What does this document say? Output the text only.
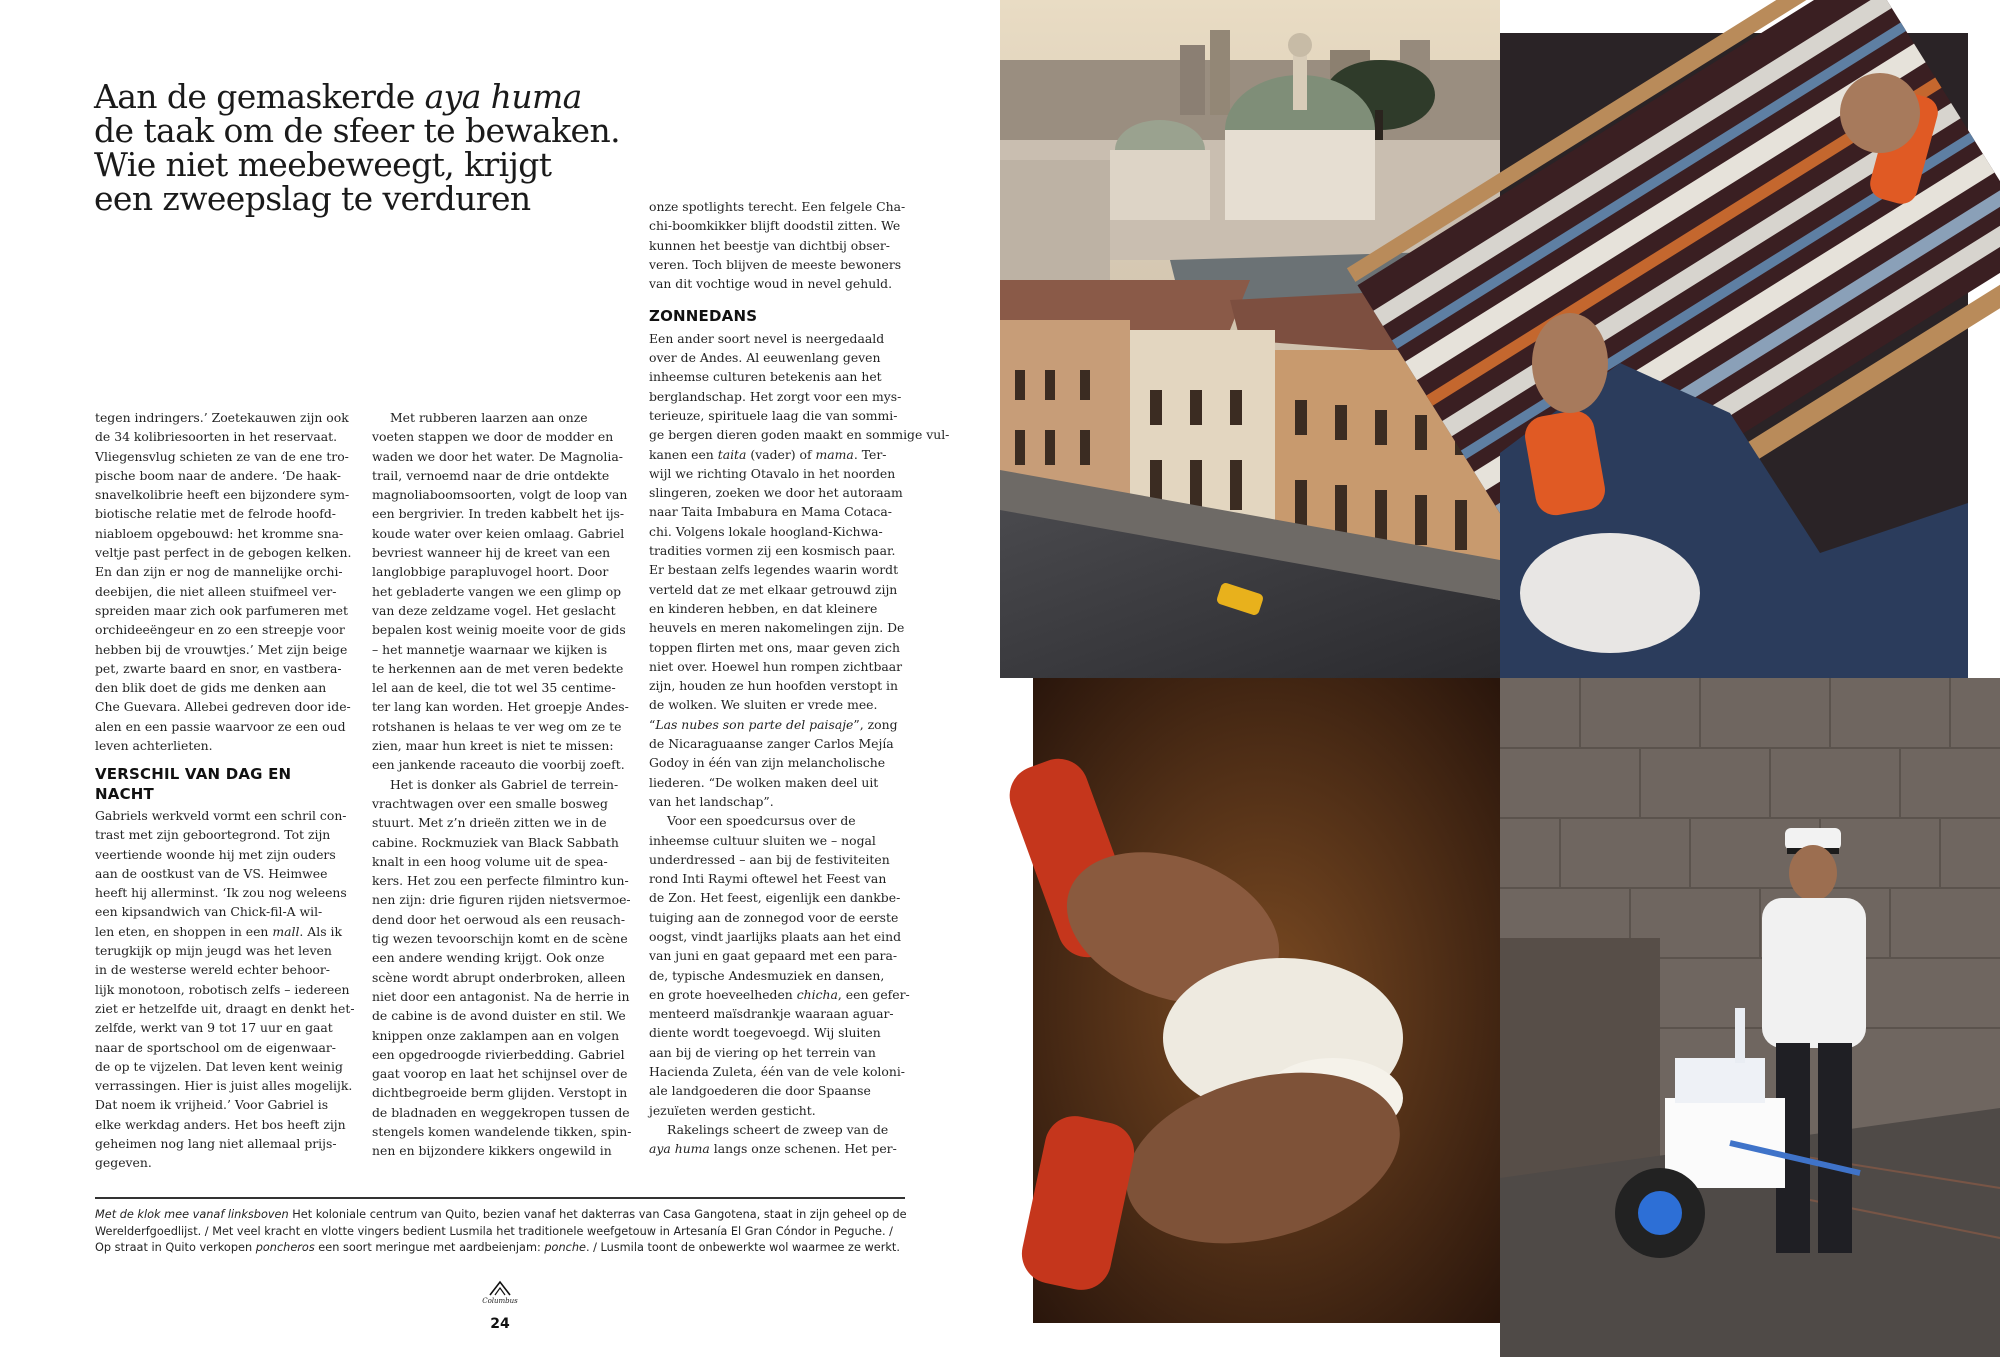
Aan de gemaskerde aya huma
de taak om de sfeer te bewaken.
Wie niet meebeweegt, krijgt
een zweepslag te verduren
tegen indringers.’ Zoetekauwen zijn ook
de 34 kolibriesoorten in het reservaat.
Vliegensvlug schieten ze van de ene tro-
pische boom naar de andere. ‘De haak-
snavelkolibrie heeft een bijzondere sym-
biotische relatie met de felrode hoofd-
niabloem opgebouwd: het kromme sna-
veltje past perfect in de gebogen kelken.
En dan zijn er nog de mannelijke orchi-
deebijen, die niet alleen stuifmeel ver-
spreiden maar zich ook parfumeren met
orchideeëngeur en zo een streepje voor
hebben bij de vrouwtjes.’ Met zijn beige
pet, zwarte baard en snor, en vastbera-
den blik doet de gids me denken aan
Che Guevara. Allebei gedreven door ide-
alen en een passie waarvoor ze een oud
leven achterlieten.
VERSCHIL VAN DAG EN NACHT
Gabriels werkveld vormt een schril con-
trast met zijn geboortegrond. Tot zijn
veertiende woonde hij met zijn ouders
aan de oostkust van de VS. Heimwee
heeft hij allerminst. ‘Ik zou nog weleens
een kipsandwich van Chick-fil-A wil-
len eten, en shoppen in een mall. Als ik
terugkijk op mijn jeugd was het leven
in de westerse wereld echter behoor-
lijk monotoon, robotisch zelfs – iedereen
ziet er hetzelfde uit, draagt en denkt het-
zelfde, werkt van 9 tot 17 uur en gaat
naar de sportschool om de eigenwaar-
de op te vijzelen. Dat leven kent weinig
verrassingen. Hier is juist alles mogelijk.
Dat noem ik vrijheid.’ Voor Gabriel is
elke werkdag anders. Het bos heeft zijn
geheimen nog lang niet allemaal prijs-
gegeven.
Met rubberen laarzen aan onze
voeten stappen we door de modder en
waden we door het water. De Magnolia-
trail, vernoemd naar de drie ontdekte
magnoliaboomsoorten, volgt de loop van
een bergrivier. In treden kabbelt het ijs-
koude water over keien omlaag. Gabriel
bevriest wanneer hij de kreet van een
langlobbige parapluvogel hoort. Door
het gebladerte vangen we een glimp op
van deze zeldzame vogel. Het geslacht
bepalen kost weinig moeite voor de gids
– het mannetje waarnaar we kijken is
te herkennen aan de met veren bedekte
lel aan de keel, die tot wel 35 centime-
ter lang kan worden. Het groepje Andes-
rotshanen is helaas te ver weg om ze te
zien, maar hun kreet is niet te missen:
een jankende raceauto die voorbij zoeft.
Het is donker als Gabriel de terrein-
vrachtwagen over een smalle bosweg
stuurt. Met z’n drieën zitten we in de
cabine. Rockmuziek van Black Sabbath
knalt in een hoog volume uit de spea-
kers. Het zou een perfecte filmintro kun-
nen zijn: drie figuren rijden nietsvermoe-
dend door het oerwoud als een reusach-
tig wezen tevoorschijn komt en de scène
een andere wending krijgt. Ook onze
scène wordt abrupt onderbroken, alleen
niet door een antagonist. Na de herrie in
de cabine is de avond duister en stil. We
knippen onze zaklampen aan en volgen
een opgedroogde rivierbedding. Gabriel
gaat voorop en laat het schijnsel over de
dichtbegroeide berm glijden. Verstopt in
de bladnaden en weggekropen tussen de
stengels komen wandelende tikken, spin-
nen en bijzondere kikkers ongewild in
onze spotlights terecht. Een felgele Cha-
chi-boomkikker blijft doodstil zitten. We
kunnen het beestje van dichtbij obser-
veren. Toch blijven de meeste bewoners
van dit vochtige woud in nevel gehuld.
ZONNEDANS
Een ander soort nevel is neergedaald
over de Andes. Al eeuwenlang geven
inheemse culturen betekenis aan het
berglandschap. Het zorgt voor een mys-
terieuze, spirituele laag die van sommi-
ge bergen dieren goden maakt en sommige vul-
kanen een taita (vader) of mama. Ter-
wijl we richting Otavalo in het noorden
slingeren, zoeken we door het autoraam
naar Taita Imbabura en Mama Cotaca-
chi. Volgens lokale hoogland-Kichwa-
tradities vormen zij een kosmisch paar.
Er bestaan zelfs legendes waarin wordt
verteld dat ze met elkaar getrouwd zijn
en kinderen hebben, en dat kleinere
heuvels en meren nakomelingen zijn. De
toppen flirten met ons, maar geven zich
niet over. Hoewel hun rompen zichtbaar
zijn, houden ze hun hoofden verstopt in
de wolken. We sluiten er vrede mee.
“Las nubes son parte del paisaje”, zong
de Nicaraguaanse zanger Carlos Mejía
Godoy in één van zijn melancholische
liederen. “De wolken maken deel uit
van het landschap”.
Voor een spoedcursus over de
inheemse cultuur sluiten we – nogal
underdressed – aan bij de festiviteiten
rond Inti Raymi oftewel het Feest van
de Zon. Het feest, eigenlijk een dankbe-
tuiging aan de zonnegod voor de eerste
oogst, vindt jaarlijks plaats aan het eind
van juni en gaat gepaard met een para-
de, typische Andesmuziek en dansen,
en grote hoeveelheden chicha, een gefer-
menteerd maïsdrankje waaraan aguar-
diente wordt toegevoegd. Wij sluiten
aan bij de viering op het terrein van
Hacienda Zuleta, één van de vele koloni-
ale landgoederen die door Spaanse
jezuïeten werden gesticht.
Rakelings scheert de zweep van de
aya huma langs onze schenen. Het per-
Met de klok mee vanaf linksboven Het koloniale centrum van Quito, bezien vanaf het dakterras van Casa Gangotena, staat in zijn geheel op de
Werelderfgoedlijst. / Met veel kracht en vlotte vingers bedient Lusmila het traditionele weefgetouw in Artesanía El Gran Cóndor in Peguche. /
Op straat in Quito verkopen poncheros een soort meringue met aardbeienjam: ponche. / Lusmila toont de onbewerkte wol waarmee ze werkt.
Columbus
24
